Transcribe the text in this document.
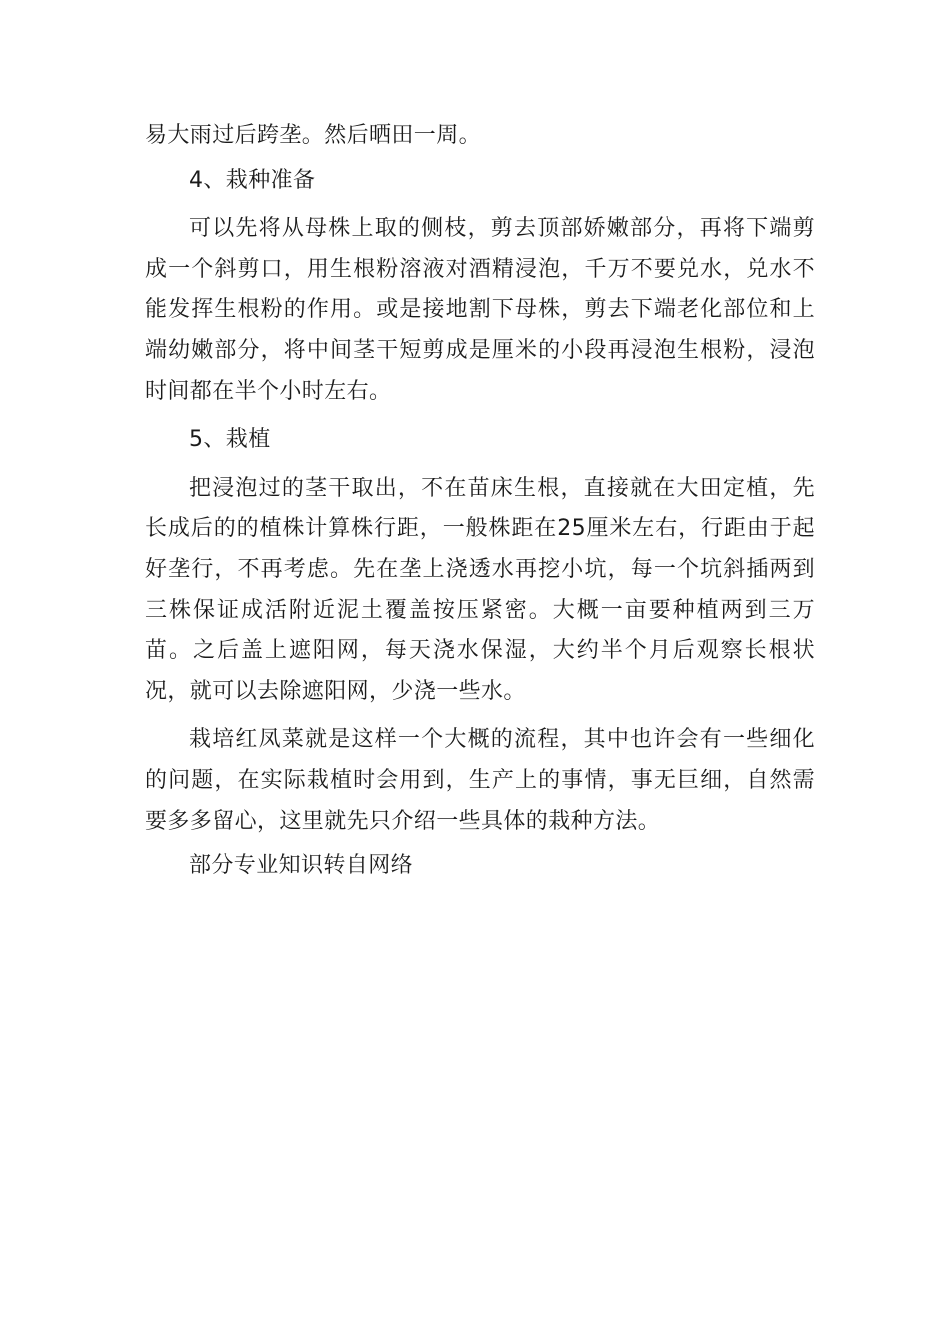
易大雨过后跨垄。然后晒田一周。

4、栽种准备

可以先将从母株上取的侧枝，剪去顶部娇嫩部分，再将下端剪成一个斜剪口，用生根粉溶液对酒精浸泡，千万不要兑水，兑水不能发挥生根粉的作用。或是接地割下母株，剪去下端老化部位和上端幼嫩部分，将中间茎干短剪成是厘米的小段再浸泡生根粉，浸泡时间都在半个小时左右。

5、栽植

把浸泡过的茎干取出，不在苗床生根，直接就在大田定植，先长成后的的植株计算株行距，一般株距在25厘米左右，行距由于起好垄行，不再考虑。先在垄上浇透水再挖小坑，每一个坑斜插两到三株保证成活附近泥土覆盖按压紧密。大概一亩要种植两到三万苗。之后盖上遮阳网，每天浇水保湿，大约半个月后观察长根状况，就可以去除遮阳网，少浇一些水。

栽培红凤菜就是这样一个大概的流程，其中也许会有一些细化的问题，在实际栽植时会用到，生产上的事情，事无巨细，自然需要多多留心，这里就先只介绍一些具体的栽种方法。

部分专业知识转自网络
